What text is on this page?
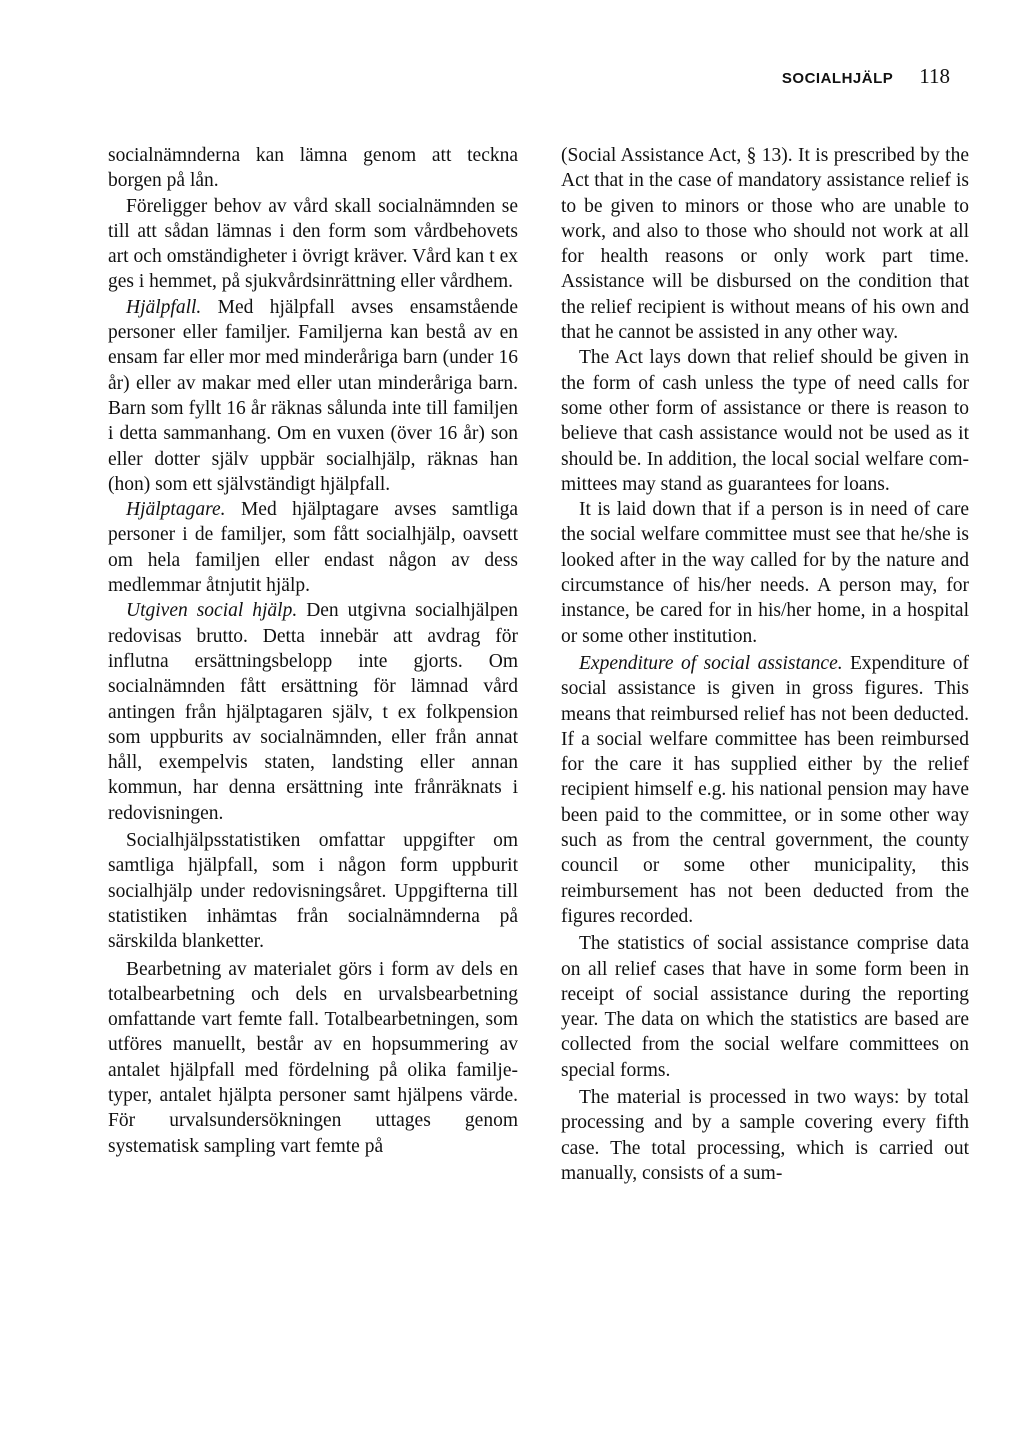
SOCIALHJÄLP 118

socialnämnderna kan lämna genom att teckna borgen på lån.

Föreligger behov av vård skall socialnämnden se till att sådan lämnas i den form som vårdbehovets art och omständigheter i övrigt kräver. Vård kan t ex ges i hemmet, på sjukvårdsinrättning eller vårdhem.

Hjälpfall. Med hjälpfall avses ensamstående personer eller familjer. Familjerna kan bestå av en ensam far eller mor med minderåriga barn (under 16 år) eller av makar med eller utan minderåriga barn. Barn som fyllt 16 år räknas sålunda inte till familjen i detta sammanhang. Om en vuxen (över 16 år) son eller dotter själv uppbär socialhjälp, räknas han (hon) som ett självständigt hjälpfall.

Hjälptagare. Med hjälptagare avses samtliga personer i de familjer, som fått socialhjälp, oavsett om hela familjen eller endast någon av dess medlemmar åtnjutit hjälp.

Utgiven social hjälp. Den utgivna socialhjälpen redovisas brutto. Detta innebär att avdrag för influtna ersättningsbelopp inte gjorts. Om socialnämnden fått ersättning för lämnad vård antingen från hjälptagaren själv, t ex folkpension som uppburits av socialnämnden, eller från annat håll, exempelvis staten, landsting eller annan kommun, har denna ersättning inte frånräknats i redovisningen.

Socialhjälpsstatistiken omfattar uppgifter om samtliga hjälpfall, som i någon form uppburit socialhjälp under redovisningsåret. Uppgifterna till statistiken inhämtas från socialnämnderna på särskilda blanketter.

Bearbetning av materialet görs i form av dels en totalbearbetning och dels en urvalsbearbetning omfattande vart femte fall. Totalbearbetningen, som utföres manuellt, består av en hopsummering av antalet hjälpfall med fördelning på olika familjetyper, antalet hjälpta personer samt hjälpens värde. För urvalsundersökningen uttages genom systematisk sampling vart femte på

(Social Assistance Act, § 13). It is prescribed by the Act that in the case of mandatory assistance relief is to be given to minors or those who are unable to work, and also to those who should not work at all for health reasons or only work part time. Assistance will be disbursed on the condition that the relief recipient is without means of his own and that he cannot be assisted in any other way.

The Act lays down that relief should be given in the form of cash unless the type of need calls for some other form of assistance or there is reason to believe that cash assistance would not be used as it should be. In addition, the local social welfare committees may stand as guarantees for loans.

It is laid down that if a person is in need of care the social welfare committee must see that he/she is looked after in the way called for by the nature and circumstance of his/her needs. A person may, for instance, be cared for in his/her home, in a hospital or some other institution.

Expenditure of social assistance. Expenditure of social assistance is given in gross figures. This means that reimbursed relief has not been deducted. If a social welfare committee has been reimbursed for the care it has supplied either by the relief recipient himself e.g. his national pension may have been paid to the committee, or in some other way such as from the central government, the county council or some other municipality, this reimbursement has not been deducted from the figures recorded.

The statistics of social assistance comprise data on all relief cases that have in some form been in receipt of social assistance during the reporting year. The data on which the statistics are based are collected from the social welfare committees on special forms.

The material is processed in two ways: by total processing and by a sample covering every fifth case. The total processing, which is carried out manually, consists of a sum-
